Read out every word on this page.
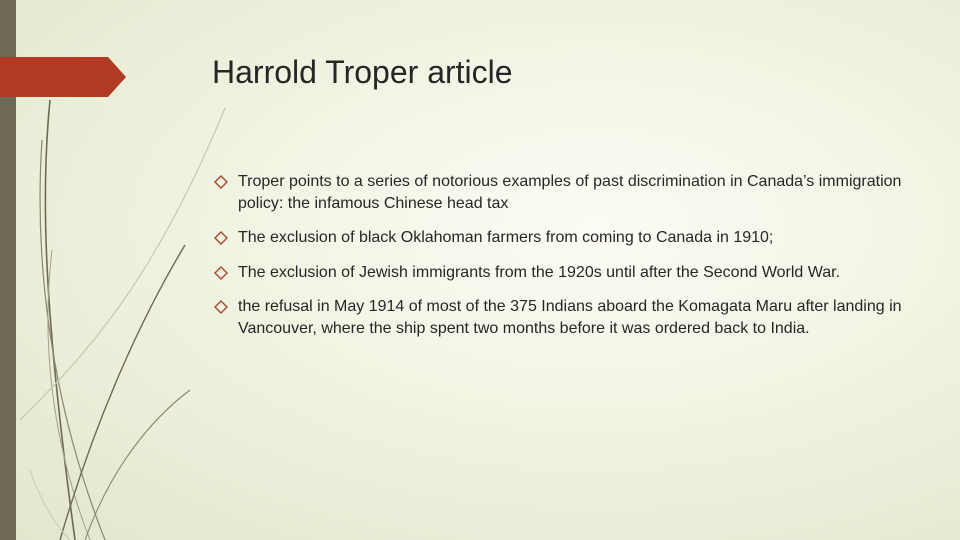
Harrold Troper article
Troper points to a series of notorious examples of past discrimination in Canada’s immigration policy: the infamous Chinese head tax
The exclusion of black Oklahoman farmers from coming to Canada in 1910;
The exclusion of Jewish immigrants from the 1920s until after the Second World War.
the refusal in May 1914 of most of the 375 Indians aboard the Komagata Maru after landing in Vancouver, where the ship spent two months before it was ordered back to India.
